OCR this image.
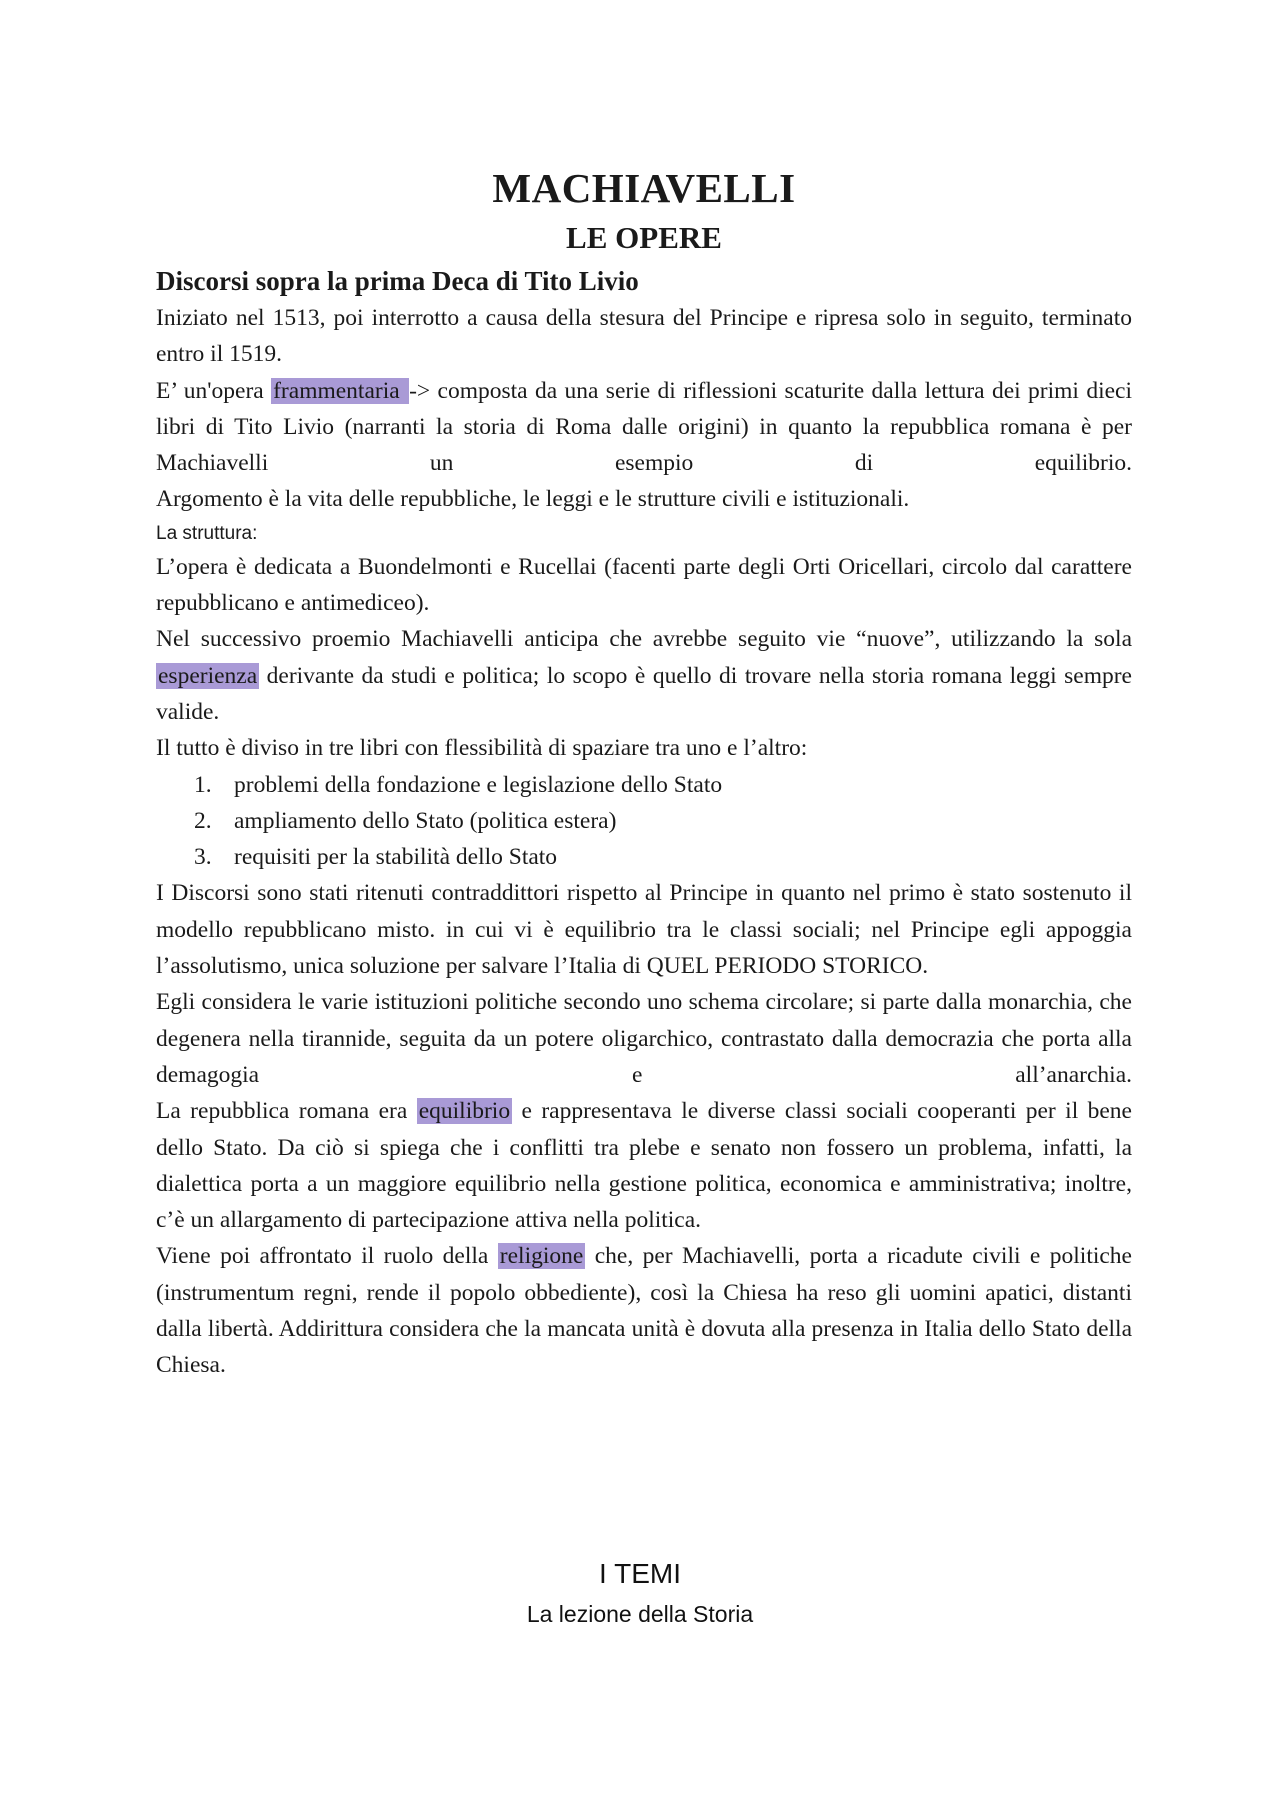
MACHIAVELLI
LE OPERE
Discorsi sopra la prima Deca di Tito Livio

Iniziato nel 1513, poi interrotto a causa della stesura del Principe e ripresa solo in seguito, terminato entro il 1519.

E’ un'opera frammentaria -> composta da una serie di riflessioni scaturite dalla lettura dei primi dieci libri di Tito Livio (narranti la storia di Roma dalle origini) in quanto la repubblica romana è per Machiavelli un esempio di equilibrio.

Argomento è la vita delle repubbliche, le leggi e le strutture civili e istituzionali.

La struttura:

L’opera è dedicata a Buondelmonti e Rucellai (facenti parte degli Orti Oricellari, circolo dal carattere repubblicano e antimediceo).

Nel successivo proemio Machiavelli anticipa che avrebbe seguito vie “nuove”, utilizzando la sola esperienza derivante da studi e politica; lo scopo è quello di trovare nella storia romana leggi sempre valide.

Il tutto è diviso in tre libri con flessibilità di spaziare tra uno e l’altro:

1. problemi della fondazione e legislazione dello Stato
2. ampliamento dello Stato (politica estera)
3. requisiti per la stabilità dello Stato

I Discorsi sono stati ritenuti contraddittori rispetto al Principe in quanto nel primo è stato sostenuto il modello repubblicano misto. in cui vi è equilibrio tra le classi sociali; nel Principe egli appoggia l’assolutismo, unica soluzione per salvare l’Italia di QUEL PERIODO STORICO.

Egli considera le varie istituzioni politiche secondo uno schema circolare; si parte dalla monarchia, che degenera nella tirannide, seguita da un potere oligarchico, contrastato dalla democrazia che porta alla demagogia e all’anarchia.

La repubblica romana era equilibrio e rappresentava le diverse classi sociali cooperanti per il bene dello Stato. Da ciò si spiega che i conflitti tra plebe e senato non fossero un problema, infatti, la dialettica porta a un maggiore equilibrio nella gestione politica, economica e amministrativa; inoltre, c’è un allargamento di partecipazione attiva nella politica.

Viene poi affrontato il ruolo della religione che, per Machiavelli, porta a ricadute civili e politiche (instrumentum regni, rende il popolo obbediente), così la Chiesa ha reso gli uomini apatici, distanti dalla libertà. Addirittura considera che la mancata unità è dovuta alla presenza in Italia dello Stato della Chiesa.

I TEMI
La lezione della Storia
